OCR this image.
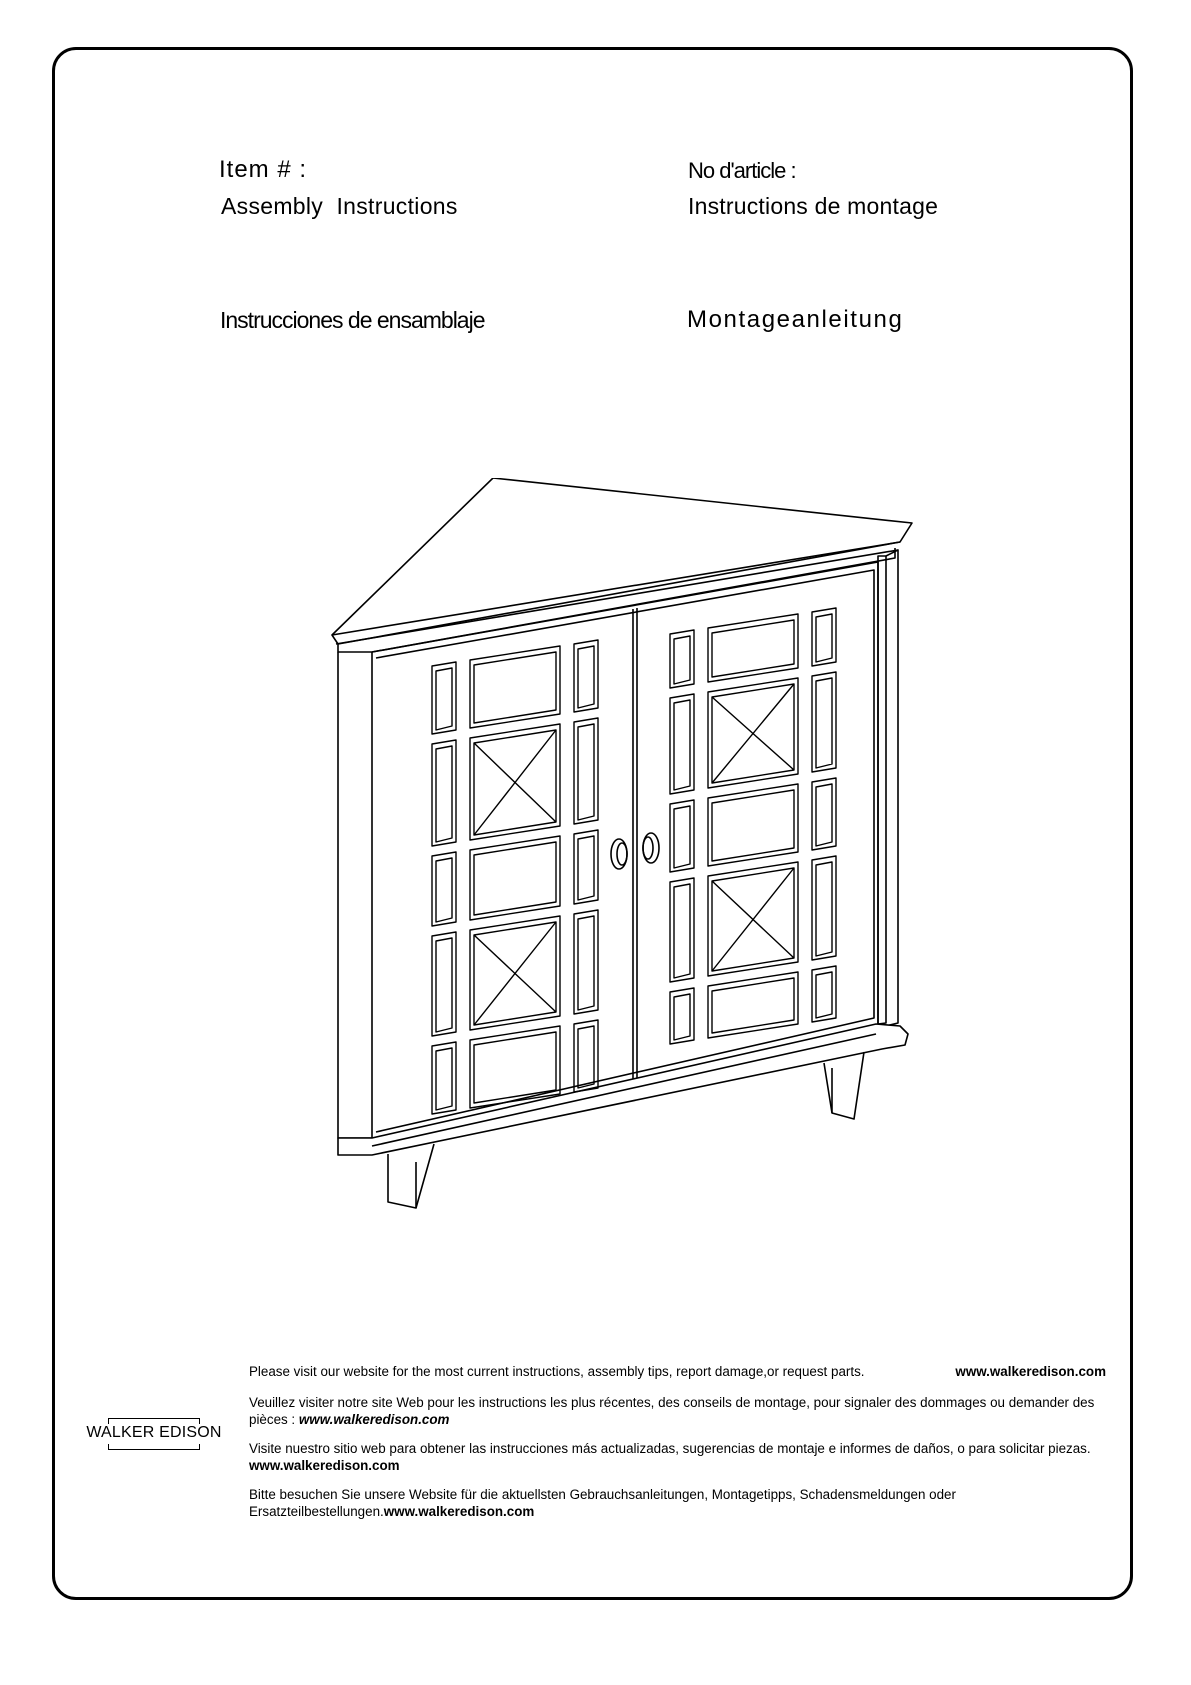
Item # :
Assembly  Instructions
No d'article :
Instructions de montage
Instrucciones de ensamblaje	Montageanleitung
WALKER EDISON
Please visit our website for the most current instructions, assembly tips, report damage,or request parts.	www.walkeredison.com
Veuillez visiter notre site Web pour les instructions les plus récentes, des conseils de montage, pour signaler des dommages ou demander des pièces : www.walkeredison.com
Visite nuestro sitio web para obtener las instrucciones más actualizadas, sugerencias de montaje e informes de daños, o para solicitar piezas. www.walkeredison.com
Bitte besuchen Sie unsere Website für die aktuellsten Gebrauchsanleitungen, Montagetipps, Schadensmeldungen oder Ersatzteilbestellungen.www.walkeredison.com
